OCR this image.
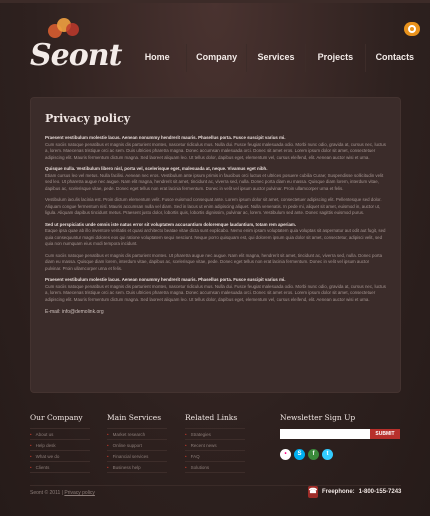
Seont	Home	Company	Services	Projects	Contacts
Privacy policy
Praesent vestibulum molestie lacus. Aenean nonummy hendrerit mauris. Phasellus porta. Fusce suscipit varius mi.
Cum sociis natoque penatibus et magnis dis parturient montes, nascetur ridiculus mus. Nulla dui. Fusce feugiat malesuada odio. Morbi nunc odio, gravida at, cursus nec, luctus a, lorem. Maecenas tristique orci ac sem. Duis ultricies pharetra magna. Donec accumsan malesuada orci. Donec sit amet eros. Lorem ipsum dolor sit amet, consectetuer adipiscing elit. Mauris fermentum dictum magna. Sed laoreet aliquam leo. Ut tellus dolor, dapibus eget, elementum vel, cursus eleifend, elit. Aenean auctor wisi et urna.
Quisque nulla. Vestibulum libero nisl, porta vel, scelerisque eget, malesuada at, neque. Vivamus eget nibh.
Etiam cursus leo vel metus. Nulla facilisi. Aenean nec eros. Vestibulum ante ipsum primis in faucibus orci luctus et ultrices posuere cubilia Curae; Suspendisse sollicitudin velit sed leo. Ut pharetra augue nec augue. Nam elit magna, hendrerit sit amet, tincidunt ac, viverra sed, nulla. Donec porta diam eu massa. Quisque diam lorem, interdum vitae, dapibus ac, scelerisque vitae, pede. Donec eget tellus non erat lacinia fermentum. Donec in velit vel ipsum auctor pulvinar. Proin ullamcorper urna et felis.
Vestibulum iaculis lacinia est. Proin dictum elementum velit. Fusce euismod consequat ante. Lorem ipsum dolor sit amet, consectetuer adipiscing elit. Pellentesque sed dolor. Aliquam congue fermentum nisl. Mauris accumsan nulla vel diam. Sed in lacus ut enim adipiscing aliquet. Nulla venenatis. In pede mi, aliquet sit amet, euismod in, auctor ut, ligula. Aliquam dapibus tincidunt metus. Praesent justo dolor, lobortis quis, lobortis dignissim, pulvinar ac, lorem. Vestibulum sed ante. Donec sagittis euismod purus.
Sed ut perspiciatis unde omnis iste natus error sit voluptatem accusantium doloremque laudantium, totam rem aperiam.
Eaque ipsa quae ab illo inventore veritatis et quasi architecto beatae vitae dicta sunt explicabo. Nemo enim ipsam voluptatem quia voluptas sit aspernatur aut odit aut fugit, sed quia consequuntur magni dolores eos qui ratione voluptatem sequi nesciunt. Neque porro quisquam est, qui dolorem ipsum quia dolor sit amet, consectetur, adipisci velit, sed quia non numquam eius modi tempora incidunt.
Cum sociis natoque penatibus et magnis dis parturient montes. Ut pharetra augue nec augue. Nam elit magna, hendrerit sit amet, tincidunt ac, viverra sed, nulla. Donec porta diam eu massa. Quisque diam lorem, interdum vitae, dapibus ac, scelerisque vitae, pede. Donec eget tellus non erat lacinia fermentum. Donec in velit vel ipsum auctor pulvinar. Proin ullamcorper urna et felis.
Praesent vestibulum molestie lacus. Aenean nonummy hendrerit mauris. Phasellus porta. Fusce suscipit varius mi.
Cum sociis natoque penatibus et magnis dis parturient montes, nascetur ridiculus mus. Nulla dui. Fusce feugiat malesuada odio. Morbi nunc odio, gravida at, cursus nec, luctus a, lorem. Maecenas tristique orci ac sem. Duis ultricies pharetra magna. Donec accumsan malesuada orci. Donec sit amet eros. Lorem ipsum dolor sit amet, consectetuer adipiscing elit. Mauris fermentum dictum magna. Sed laoreet aliquam leo. Ut tellus dolor, dapibus eget, elementum vel, cursus eleifend, elit. Aenean auctor wisi et urna.
E-mail: info@demolink.org
Our Company
• About us
• Help desk
• What we do
• Clients
Main Services
• Market research
• Online support
• Financial services
• Business help
Related Links
• Strategies
• Recent news
• FAQ
• Solutions
Newsletter Sign Up
SUBMIT
•	S	f	t
Seont © 2011 | Privacy policy	☎ Freephone: 1-800-155-7243
